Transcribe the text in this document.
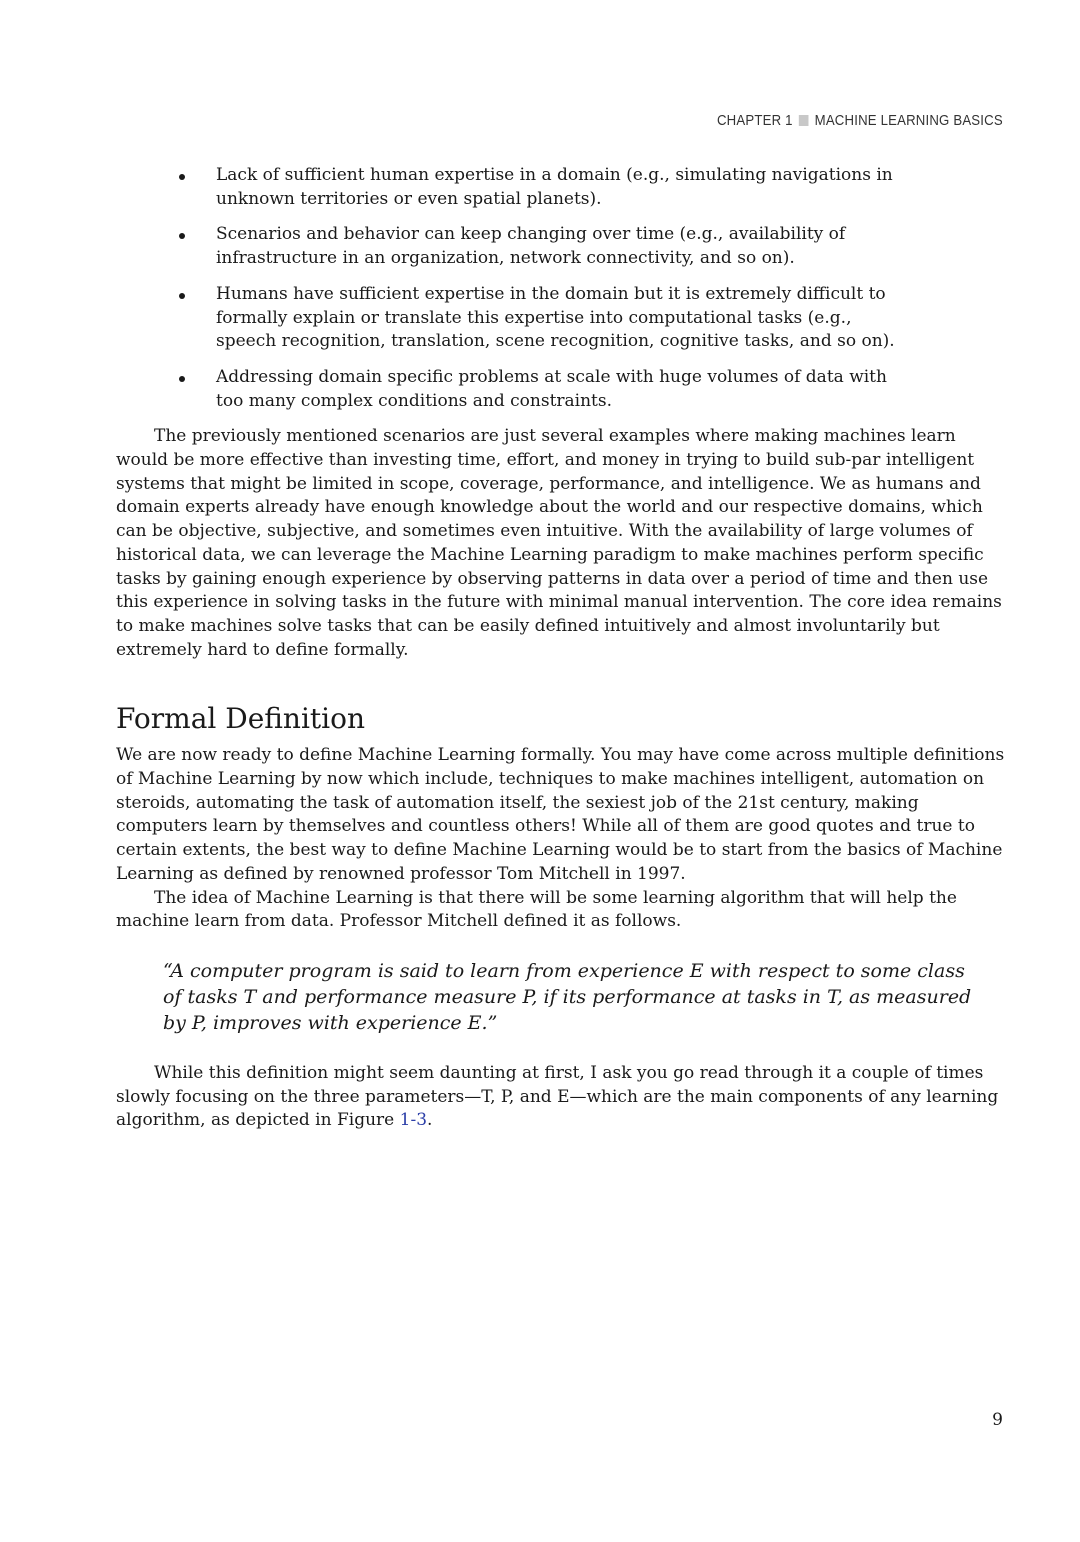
CHAPTER 1 MACHINE LEARNING BASICS
Lack of sufficient human expertise in a domain (e.g., simulating navigations in unknown territories or even spatial planets).
Scenarios and behavior can keep changing over time (e.g., availability of infrastructure in an organization, network connectivity, and so on).
Humans have sufficient expertise in the domain but it is extremely difficult to formally explain or translate this expertise into computational tasks (e.g., speech recognition, translation, scene recognition, cognitive tasks, and so on).
Addressing domain specific problems at scale with huge volumes of data with too many complex conditions and constraints.

The previously mentioned scenarios are just several examples where making machines learn would be more effective than investing time, effort, and money in trying to build sub-par intelligent systems that might be limited in scope, coverage, performance, and intelligence. We as humans and domain experts already have enough knowledge about the world and our respective domains, which can be objective, subjective, and sometimes even intuitive. With the availability of large volumes of historical data, we can leverage the Machine Learning paradigm to make machines perform specific tasks by gaining enough experience by observing patterns in data over a period of time and then use this experience in solving tasks in the future with minimal manual intervention. The core idea remains to make machines solve tasks that can be easily defined intuitively and almost involuntarily but extremely hard to define formally.

Formal Definition

We are now ready to define Machine Learning formally. You may have come across multiple definitions of Machine Learning by now which include, techniques to make machines intelligent, automation on steroids, automating the task of automation itself, the sexiest job of the 21st century, making computers learn by themselves and countless others! While all of them are good quotes and true to certain extents, the best way to define Machine Learning would be to start from the basics of Machine Learning as defined by renowned professor Tom Mitchell in 1997.

The idea of Machine Learning is that there will be some learning algorithm that will help the machine learn from data. Professor Mitchell defined it as follows.

“A computer program is said to learn from experience E with respect to some class of tasks T and performance measure P, if its performance at tasks in T, as measured by P, improves with experience E.”

While this definition might seem daunting at first, I ask you go read through it a couple of times slowly focusing on the three parameters—T, P, and E—which are the main components of any learning algorithm, as depicted in Figure 1-3.

9
